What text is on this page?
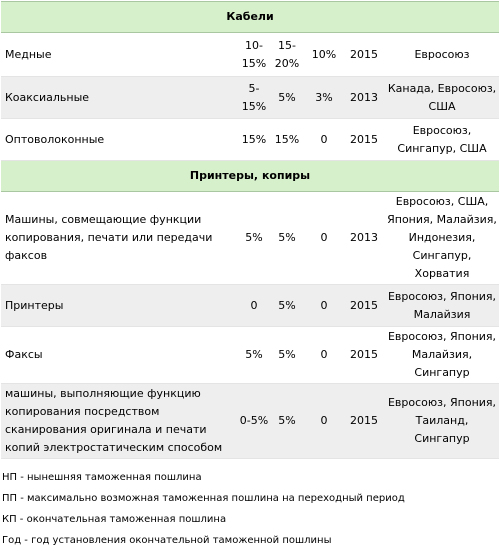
Кабели					
Медные	10-15%	15-20%	10%	2015	Евросоюз
Коаксиальные	5-15%	5%	3%	2013	Канада, Евросоюз, США
Оптоволоконные	15%	15%	0	2015	Евросоюз, Сингапур, США
Принтеры, копиры					
Машины, совмещающие функции копирования, печати или передачи факсов	5%	5%	0	2013	Евросоюз, США, Япония, Малайзия, Индонезия, Сингапур, Хорватия
Принтеры	0	5%	0	2015	Евросоюз, Япония, Малайзия
Факсы	5%	5%	0	2015	Евросоюз, Япония, Малайзия, Сингапур
машины, выполняющие функцию копирования посредством сканирования оригинала и печати копий электростатическим способом	0-5%	5%	0	2015	Евросоюз, Япония, Таиланд, Сингапур
НП - нынешняя таможенная пошлина
ПП - максимально возможная таможенная пошлина на переходный период
КП - окончательная таможенная пошлина
Год - год установления окончательной таможенной пошлины
